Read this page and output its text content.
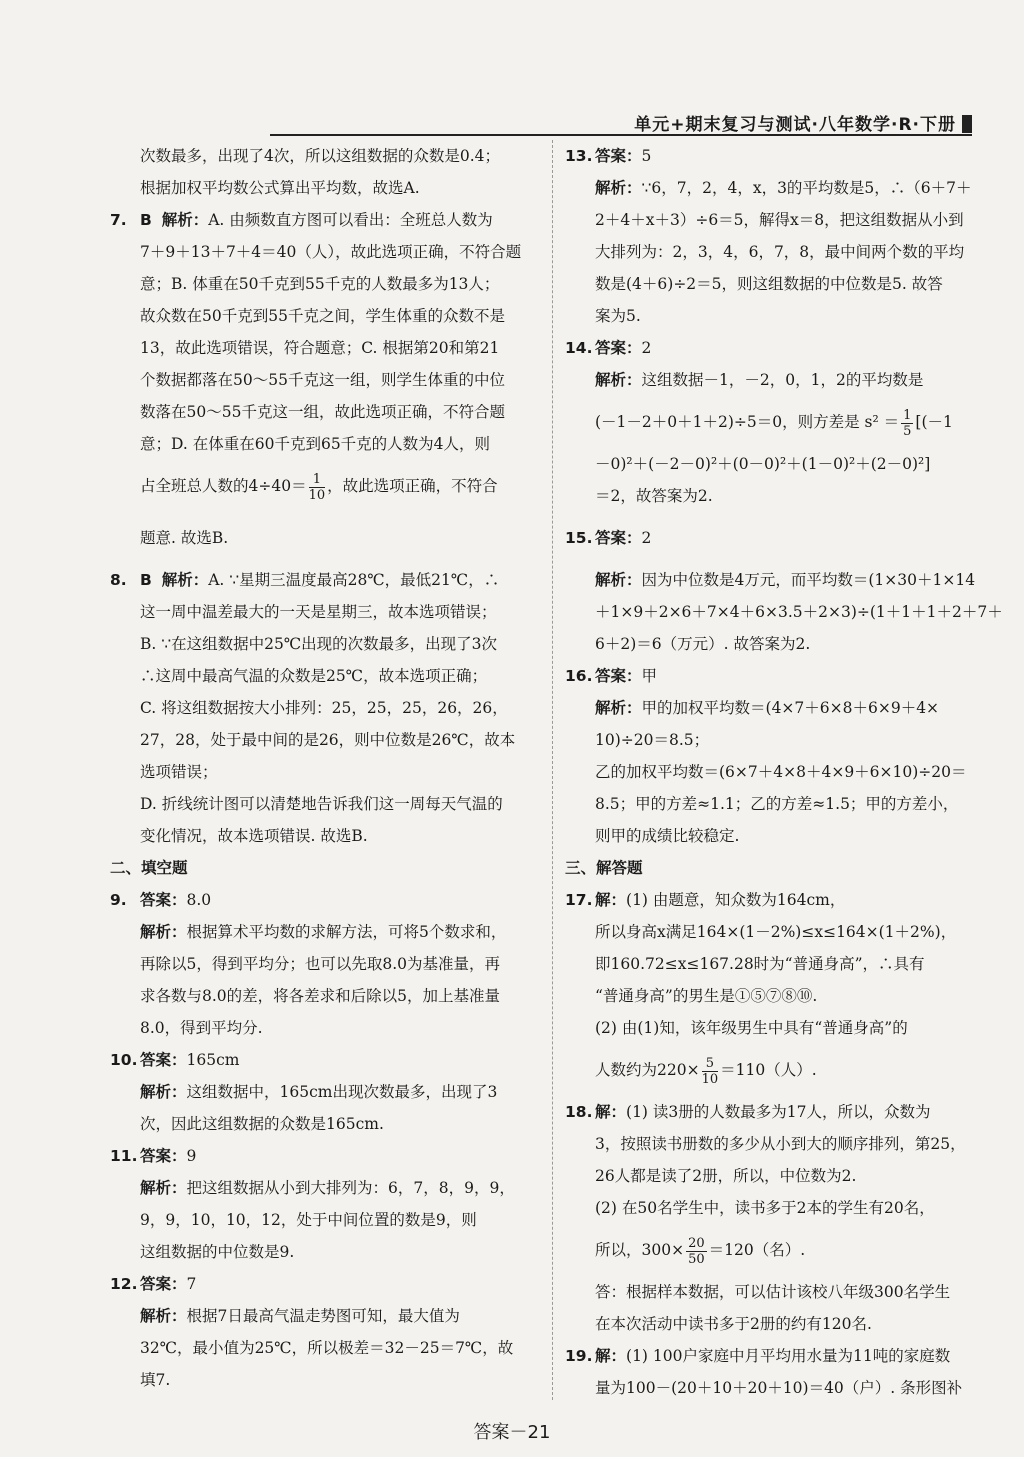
单元+期末复习与测试·八年数学·R·下册
次数最多，出现了4次，所以这组数据的众数是0.4；
根据加权平均数公式算出平均数，故选A.
7. B 解析：A. 由频数直方图可以看出：全班总人数为
7＋9＋13＋7＋4＝40（人），故此选项正确，不符合题
意；B. 体重在50千克到55千克的人数最多为13人；
故众数在50千克到55千克之间，学生体重的众数不是
13，故此选项错误，符合题意；C. 根据第20和第21
个数据都落在50～55千克这一组，则学生体重的中位
数落在50～55千克这一组，故此选项正确，不符合题
意；D. 在体重在60千克到65千克的人数为4人，则
占全班总人数的$4\div 40= \frac{1}{10}$ ，故此选项正确，不符合
题意. 故选B.
8. B 解析：A. ∵星期三温度最高28℃，最低21℃，∴
这一周中温差最大的一天是星期三，故本选项错误；
B. ∵在这组数据中25℃出现的次数最多，出现了3次
∴这周中最高气温的众数是25℃，故本选项正确；
C. 将这组数据按大小排列：25，25，25，26，26，
27，28，处于最中间的是26，则中位数是26℃，故本
选项错误；
D. 折线统计图可以清楚地告诉我们这一周每天气温的
变化情况，故本选项错误. 故选B.
二、填空题
9. 答案：8.0
解析：根据算术平均数的求解方法，可将5个数求和，
再除以5，得到平均分；也可以先取8.0为基准量，再
求各数与8.0的差，将各差求和后除以5，加上基准量
8.0，得到平均分.
10. 答案：165cm
解析：这组数据中，165cm出现次数最多，出现了3
次，因此这组数据的众数是165cm.
11. 答案：9
解析：把这组数据从小到大排列为：6，7，8，9，9，
9，9，10，10，12，处于中间位置的数是9，则
这组数据的中位数是9.
12. 答案：7
解析：根据7日最高气温走势图可知，最大值为
32℃，最小值为25℃，所以极差＝32－25＝7℃，故
填7.
13. 答案：5
解析：∵6，7，2，4，x，3的平均数是5，∴（6＋7＋
2＋4＋x＋3）÷6＝5，解得x＝8，把这组数据从小到
大排列为：2，3，4，6，7，8，最中间两个数的平均
数是(4＋6)÷2＝5，则这组数据的中位数是5. 故答
案为5.
14. 答案：2
解析：这组数据－1，－2，0，1，2的平均数是
(－1－2＋0＋1＋2)÷5＝0，则方差是 $s^2 = \frac{1}{5} [(-1$
－0)²＋(－2－0)²＋(0－0)²＋(1－0)²＋(2－0)²]
＝2，故答案为2.
15. 答案：2
解析：因为中位数是4万元，而平均数＝(1×30＋1×14
＋1×9＋2×6＋7×4＋6×3.5＋2×3)÷(1＋1＋1＋2＋7＋
6＋2)＝6（万元）. 故答案为2.
16. 答案：甲
解析：甲的加权平均数＝(4×7＋6×8＋6×9＋4×
10)÷20＝8.5；
乙的加权平均数＝(6×7＋4×8＋4×9＋6×10)÷20＝
8.5；甲的方差≈1.1；乙的方差≈1.5；甲的方差小，
则甲的成绩比较稳定.
三、解答题
17. 解：(1) 由题意，知众数为164cm，
所以身高x满足164×(1－2%)≤x≤164×(1＋2%)，
即160.72≤x≤167.28时为“普通身高”，∴具有
“普通身高”的男生是①⑤⑦⑧⑩.
(2) 由(1)知，该年级男生中具有“普通身高”的
人数约为$220\times \frac{5}{10} =110$（人）.
18. 解：(1) 读3册的人数最多为17人，所以，众数为
3，按照读书册数的多少从小到大的顺序排列，第25，
26人都是读了2册，所以，中位数为2.
(2) 在50名学生中，读书多于2本的学生有20名，
所以，$300\times \frac{20}{50} =120$（名）.
答：根据样本数据，可以估计该校八年级300名学生
在本次活动中读书多于2册的约有120名.
19. 解：(1) 100户家庭中月平均用水量为11吨的家庭数
量为100－(20＋10＋20＋10)＝40（户）. 条形图补
答案－21
